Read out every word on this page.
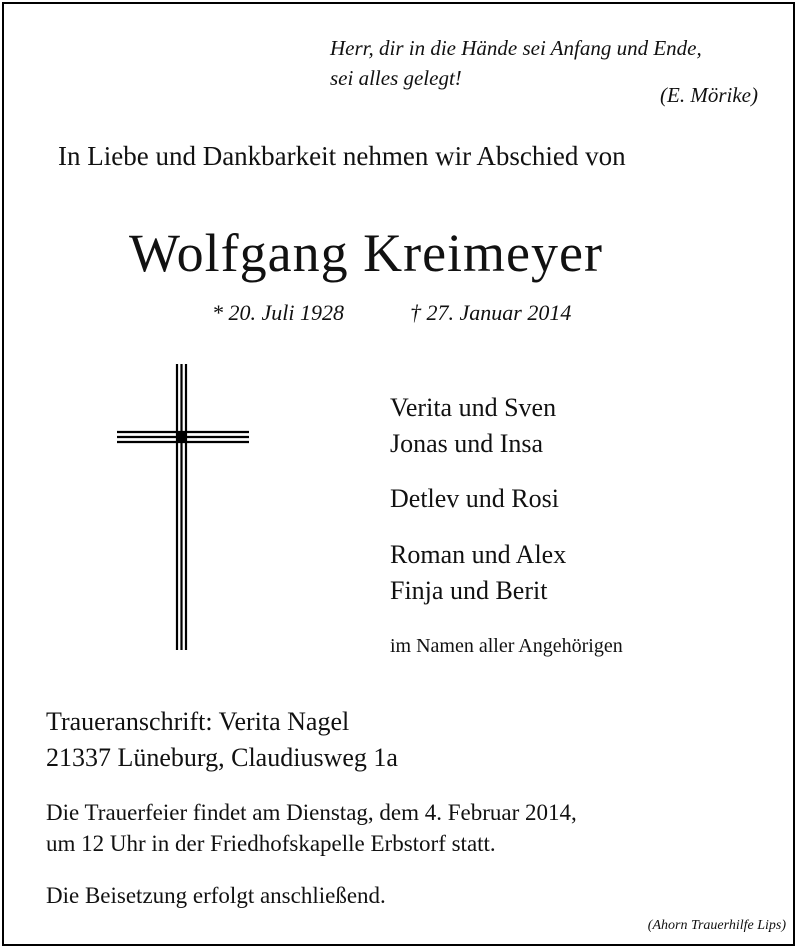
Herr, dir in die Hände sei Anfang und Ende,
sei alles gelegt!
(E. Mörike)
In Liebe und Dankbarkeit nehmen wir Abschied von
Wolfgang Kreimeyer
* 20. Juli 1928	† 27. Januar 2014
Verita und Sven
Jonas und Insa
Detlev und Rosi
Roman und Alex
Finja und Berit
im Namen aller Angehörigen
Traueranschrift: Verita Nagel
21337 Lüneburg, Claudiusweg 1a
Die Trauerfeier findet am Dienstag, dem 4. Februar 2014,
um 12 Uhr in der Friedhofskapelle Erbstorf statt.
Die Beisetzung erfolgt anschließend.
(Ahorn Trauerhilfe Lips)
